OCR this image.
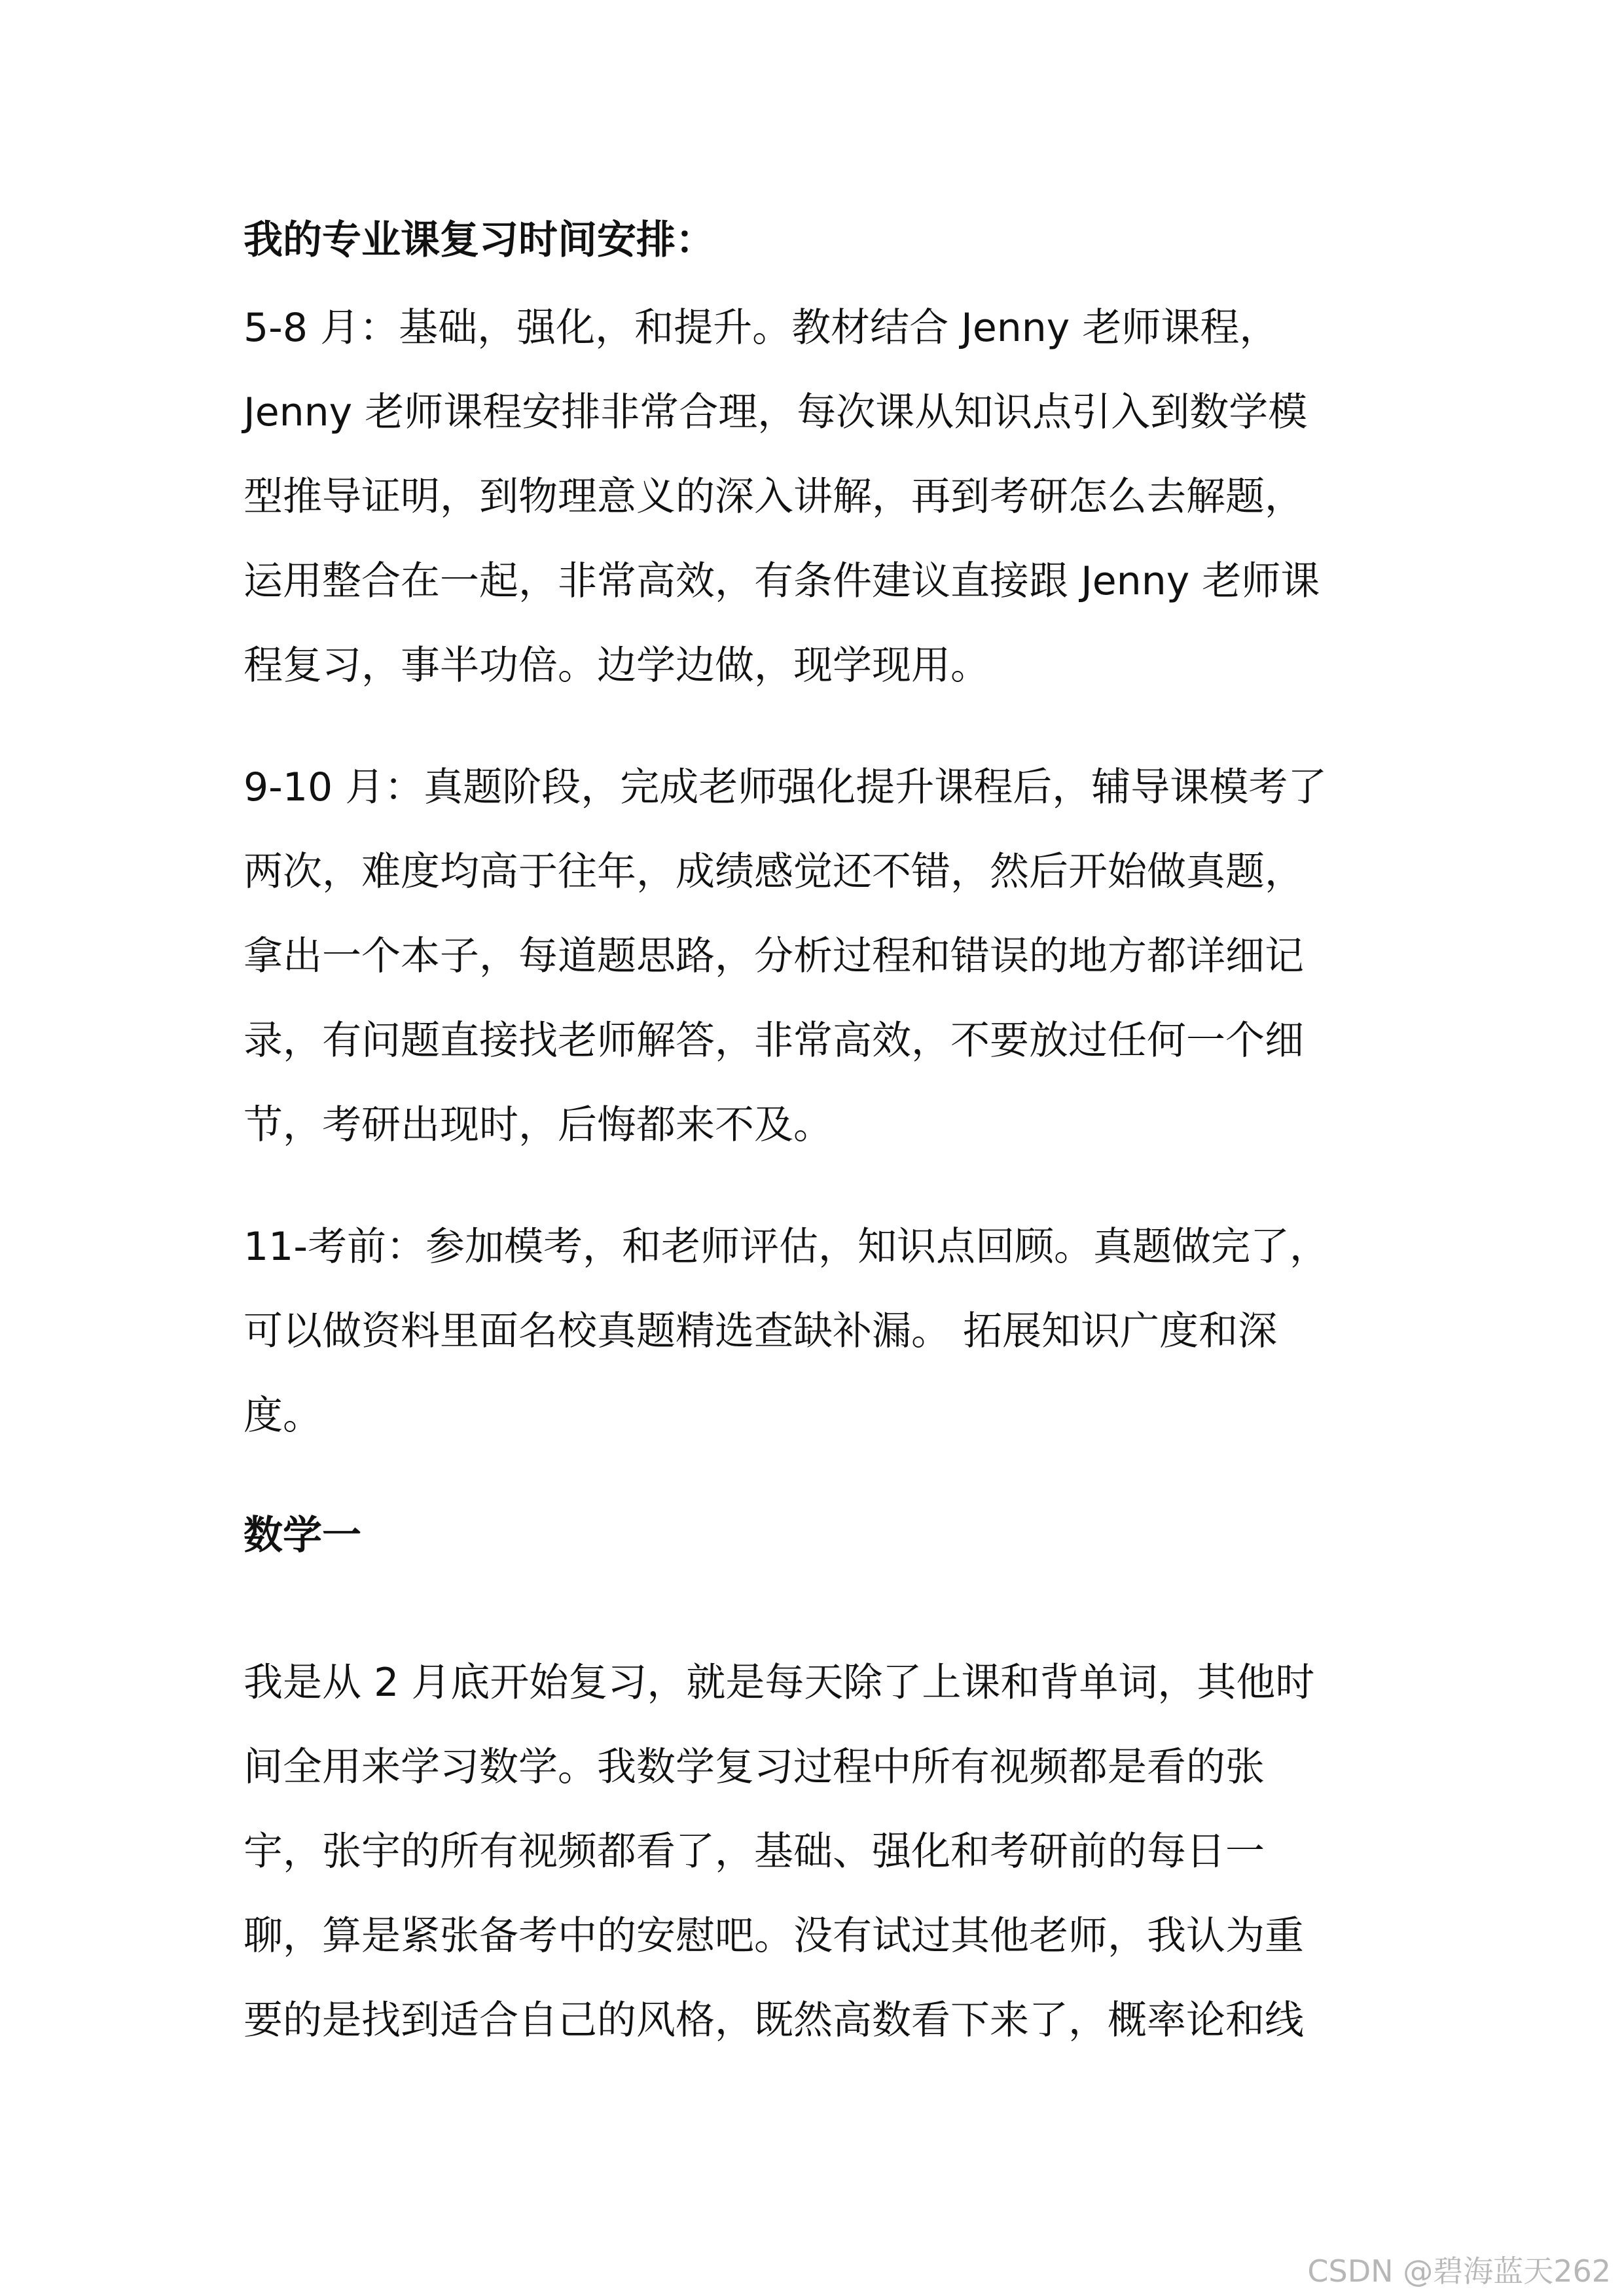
我的专业课复习时间安排：

5-8 月：基础，强化，和提升。教材结合 Jenny 老师课程，
Jenny 老师课程安排非常合理，每次课从知识点引入到数学模
型推导证明，到物理意义的深入讲解，再到考研怎么去解题，
运用整合在一起，非常高效，有条件建议直接跟 Jenny 老师课
程复习，事半功倍。边学边做，现学现用。

9-10 月：真题阶段，完成老师强化提升课程后，辅导课模考了
两次，难度均高于往年，成绩感觉还不错，然后开始做真题，
拿出一个本子，每道题思路，分析过程和错误的地方都详细记
录，有问题直接找老师解答，非常高效，不要放过任何一个细
节，考研出现时，后悔都来不及。

11-考前：参加模考，和老师评估，知识点回顾。真题做完了，
可以做资料里面名校真题精选查缺补漏。 拓展知识广度和深
度。

数学一

我是从 2 月底开始复习，就是每天除了上课和背单词，其他时
间全用来学习数学。我数学复习过程中所有视频都是看的张
宇，张宇的所有视频都看了，基础、强化和考研前的每日一
聊，算是紧张备考中的安慰吧。没有试过其他老师，我认为重
要的是找到适合自己的风格，既然高数看下来了，概率论和线

CSDN @碧海蓝天262
